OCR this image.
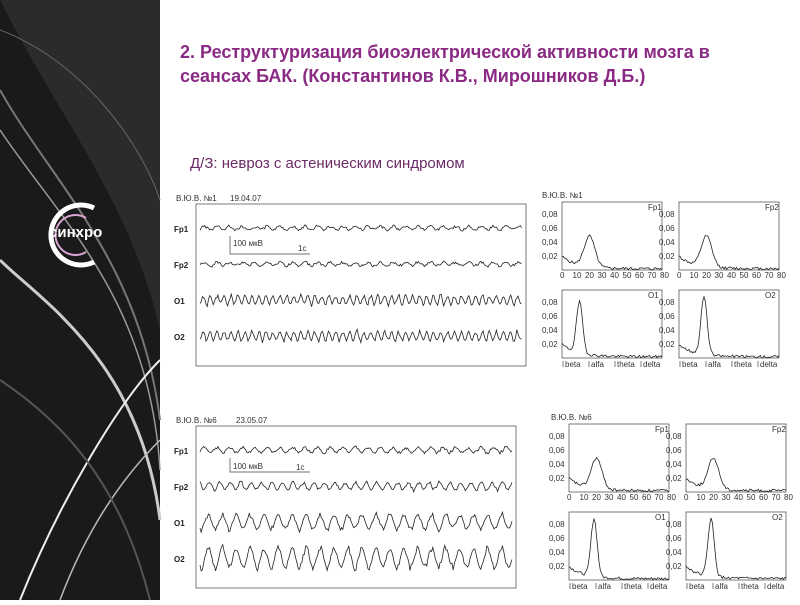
синхро
2. Реструктуризация биоэлектрической активности мозга в сеансах БАК. (Константинов К.В., Мирошников Д.Б.)
Д/З: невроз с астеническим синдромом
В.Ю.В. №1 19.04.07
Fp1
Fp2
O1
O2
100 мкВ
1с
В.Ю.В. №6 23.05.07
Fp1
Fp2
O1
O2
100 мкВ	1с
В.Ю.В. №1
Fp1
0,08
0,06
0,04
0,02
0 10 20 30 40 50 60 70 80
Fp2
0,08
0,06
0,04
0,02
0 10 20 30 40 50 60 70 80
O1
0,08
0,06
0,04
0,02
beta alfa theta delta
O2
0,08
0,06
0,04
0,02
beta alfa theta delta
В.Ю.В. №6
Fp1
0,08
0,06
0,04
0,02
0 10 20 30 40 50 60 70 80
Fp2
0,08
0,06
0,04
0,02
0 10 20 30 40 50 60 70 80
O1
0,08
0,06
0,04
0,02
beta alfa theta delta
O2
0,08
0,06
0,04
0,02
beta alfa theta delta
